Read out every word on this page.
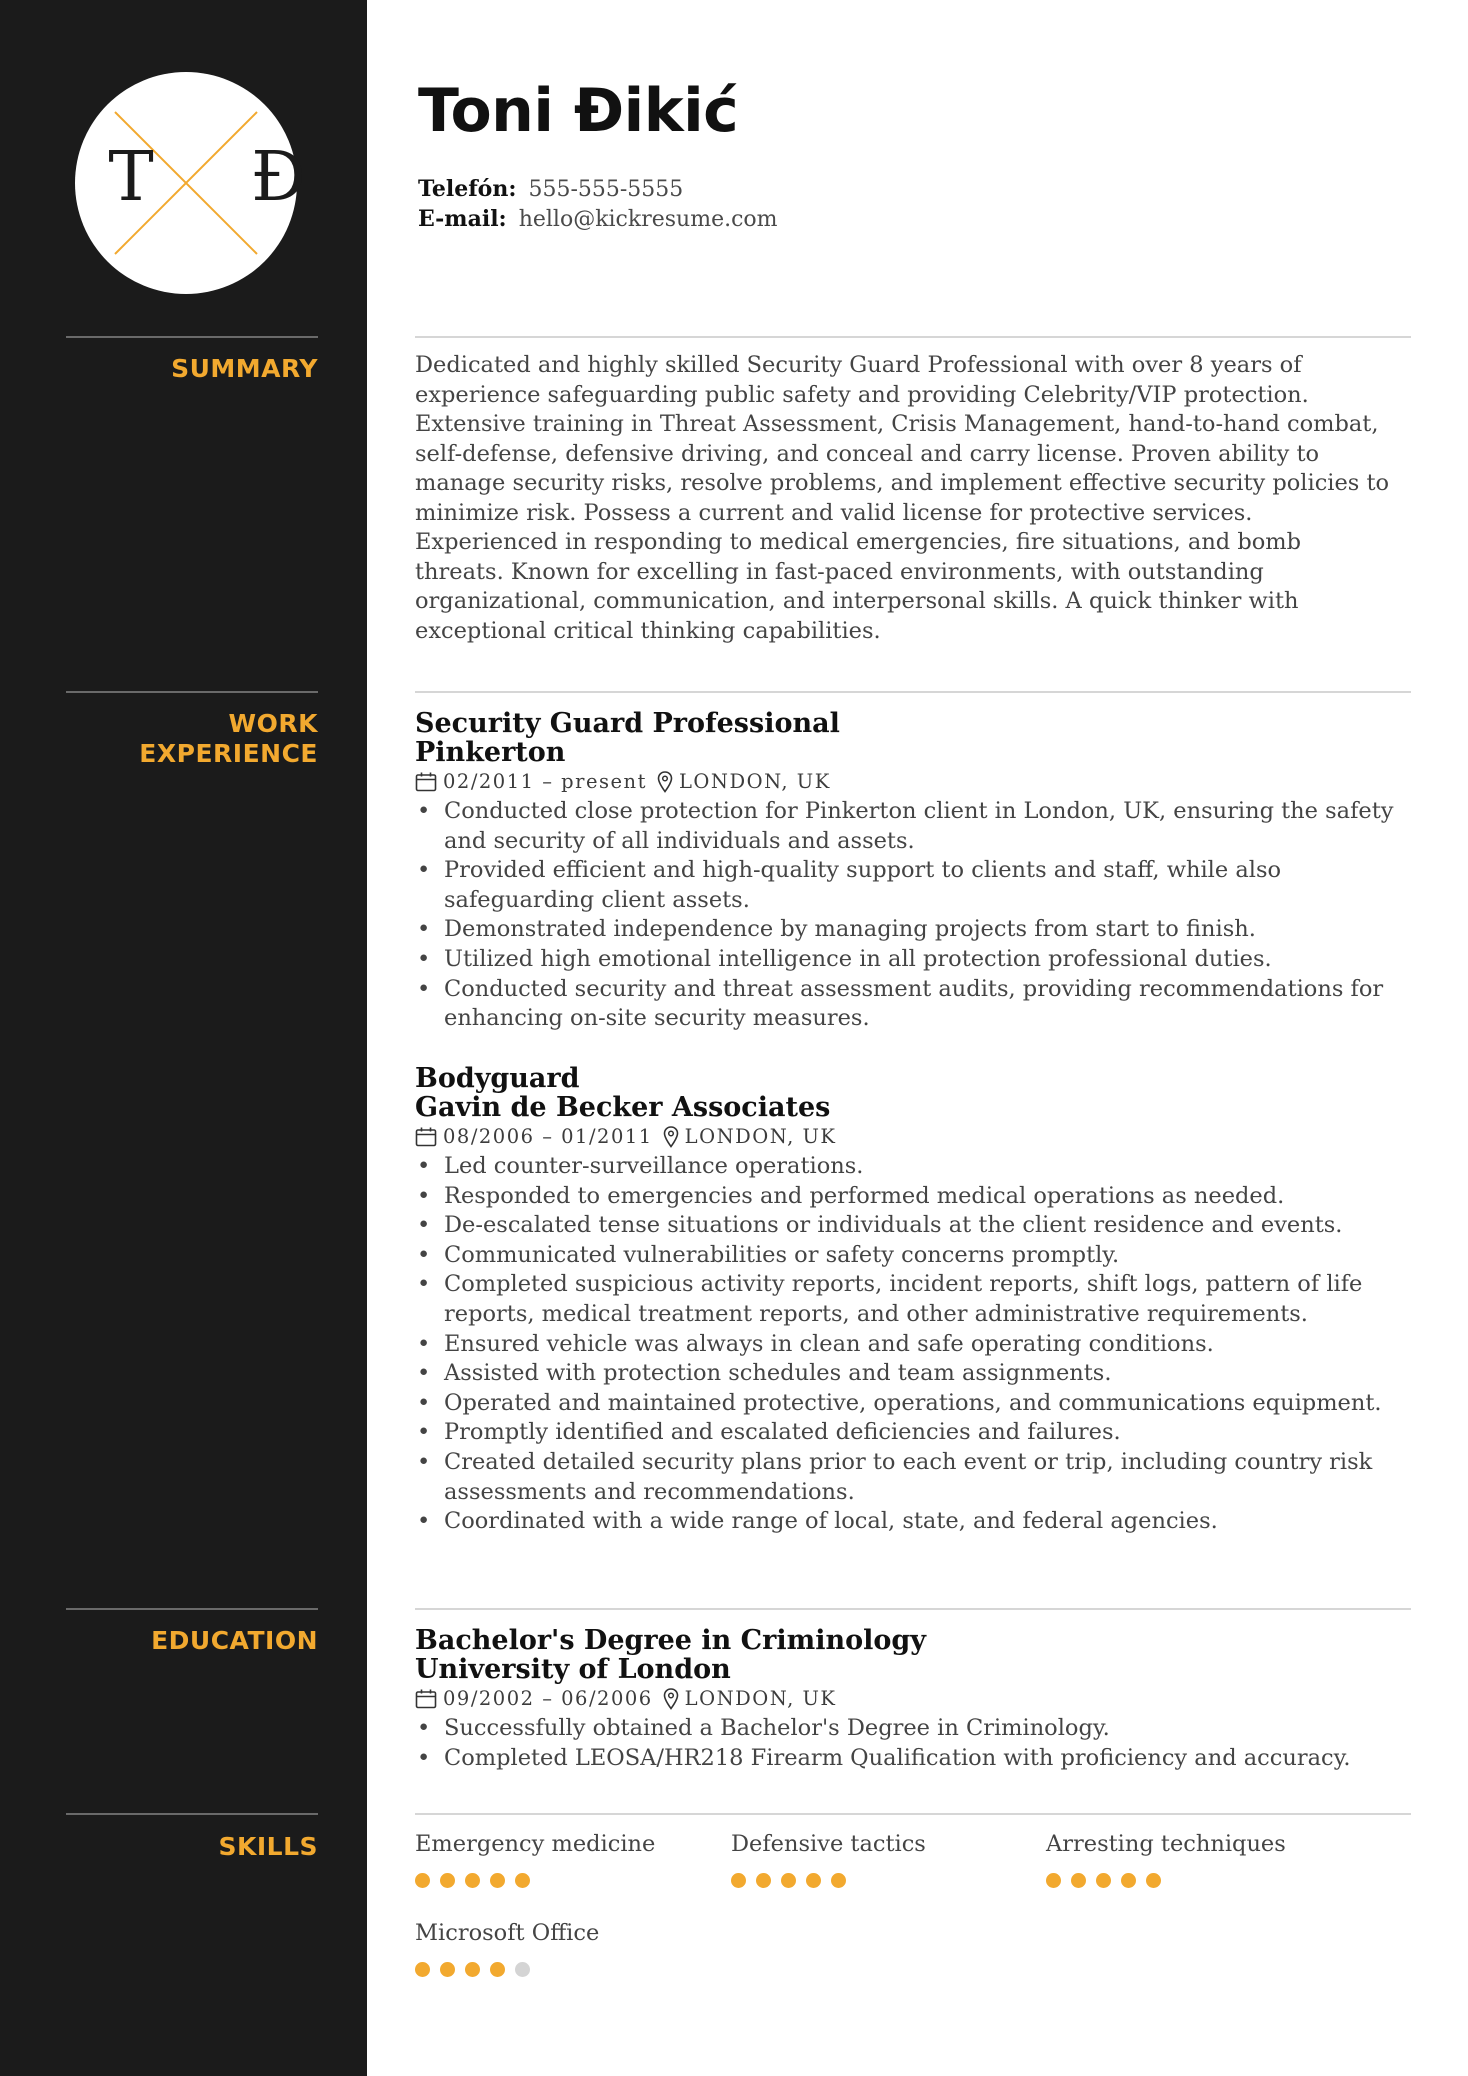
T Đ
SUMMARY
WORK
EXPERIENCE
EDUCATION
SKILLS
Toni Đikić
Telefón: 555-555-5555
E-mail: hello@kickresume.com

Dedicated and highly skilled Security Guard Professional with over 8 years of experience safeguarding public safety and providing Celebrity/VIP protection. Extensive training in Threat Assessment, Crisis Management, hand-to-hand combat, self-defense, defensive driving, and conceal and carry license. Proven ability to manage security risks, resolve problems, and implement effective security policies to minimize risk. Possess a current and valid license for protective services. Experienced in responding to medical emergencies, fire situations, and bomb threats. Known for excelling in fast-paced environments, with outstanding organizational, communication, and interpersonal skills. A quick thinker with exceptional critical thinking capabilities.

Security Guard Professional
Pinkerton
02/2011 – present LONDON, UK
• Conducted close protection for Pinkerton client in London, UK, ensuring the safety and security of all individuals and assets.
• Provided efficient and high-quality support to clients and staff, while also safeguarding client assets.
• Demonstrated independence by managing projects from start to finish.
• Utilized high emotional intelligence in all protection professional duties.
• Conducted security and threat assessment audits, providing recommendations for enhancing on-site security measures.
Bodyguard
Gavin de Becker Associates
08/2006 – 01/2011 LONDON, UK
• Led counter-surveillance operations.
• Responded to emergencies and performed medical operations as needed.
• De-escalated tense situations or individuals at the client residence and events.
• Communicated vulnerabilities or safety concerns promptly.
• Completed suspicious activity reports, incident reports, shift logs, pattern of life reports, medical treatment reports, and other administrative requirements.
• Ensured vehicle was always in clean and safe operating conditions.
• Assisted with protection schedules and team assignments.
• Operated and maintained protective, operations, and communications equipment.
• Promptly identified and escalated deficiencies and failures.
• Created detailed security plans prior to each event or trip, including country risk assessments and recommendations.
• Coordinated with a wide range of local, state, and federal agencies.
Bachelor's Degree in Criminology
University of London
09/2002 – 06/2006 LONDON, UK
• Successfully obtained a Bachelor's Degree in Criminology.
• Completed LEOSA/HR218 Firearm Qualification with proficiency and accuracy.
Emergency medicine	Defensive tactics	Arresting techniques
Microsoft Office
